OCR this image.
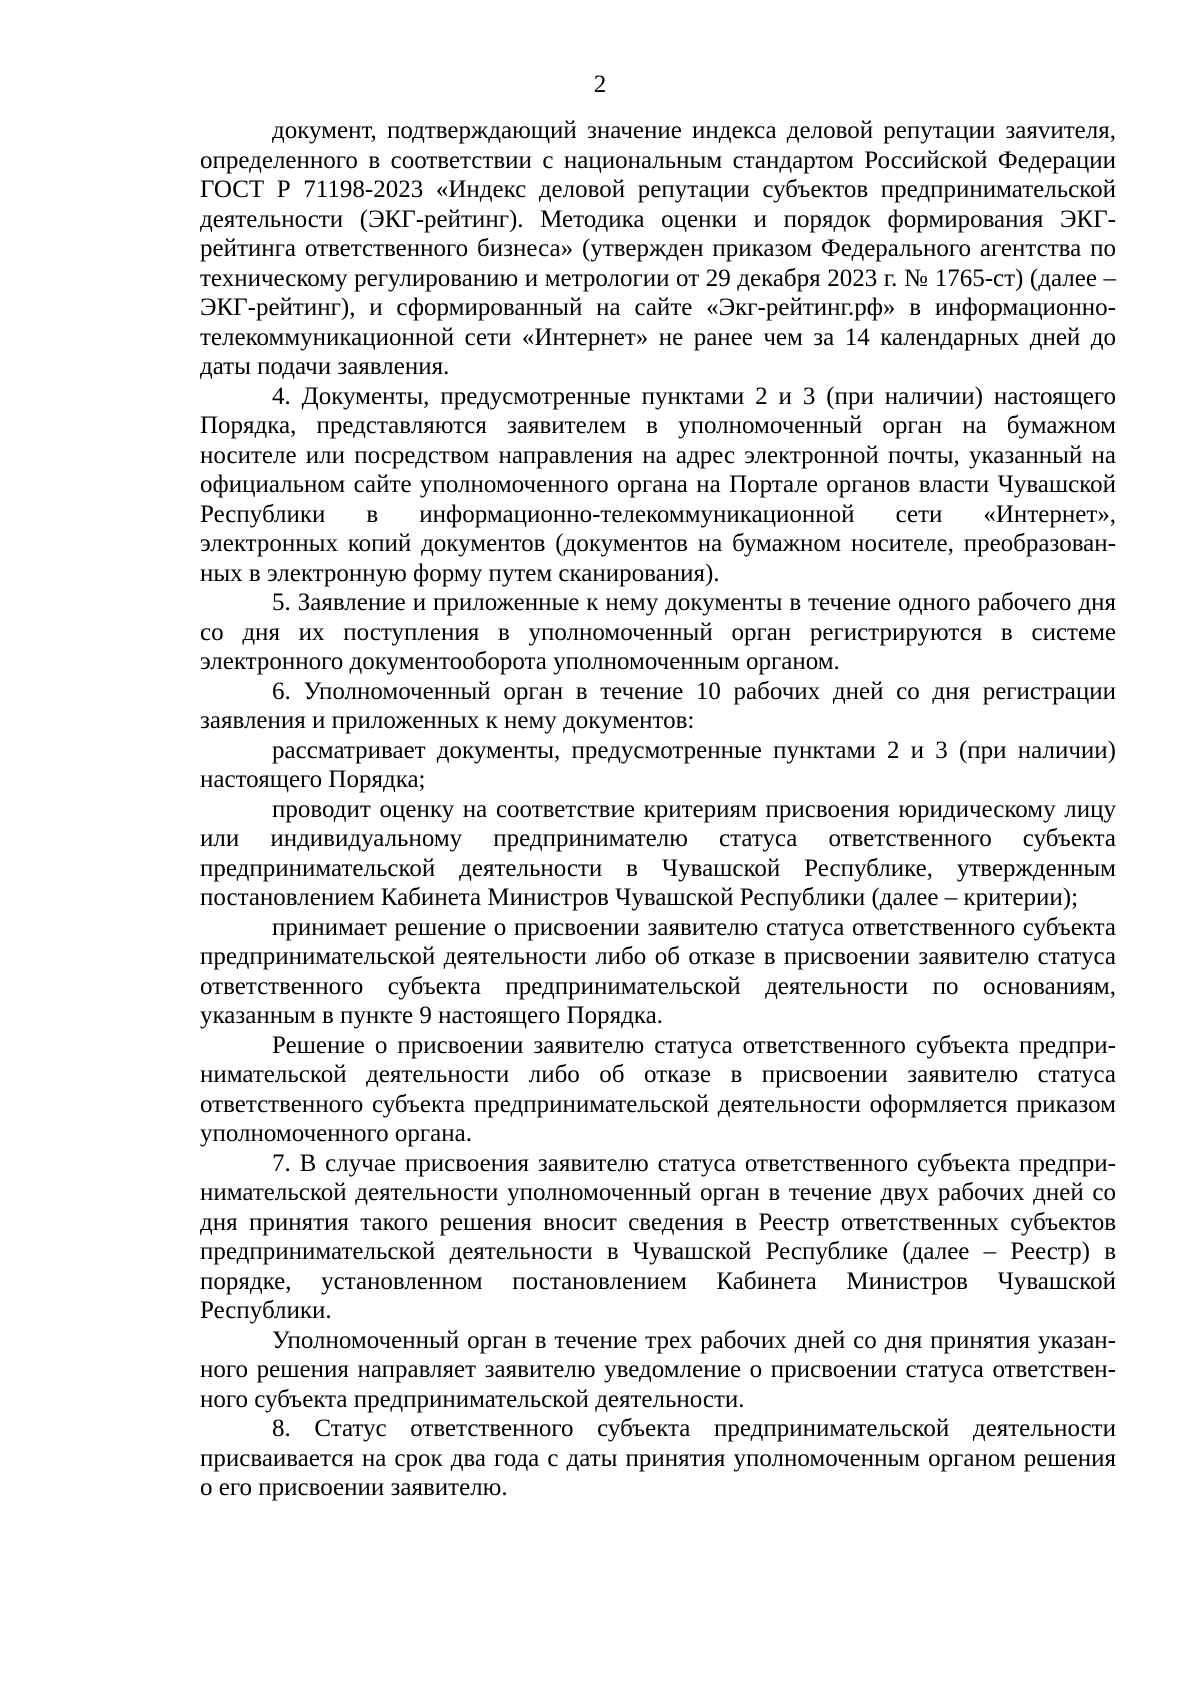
2

документ, подтверждающий значение индекса деловой репутации заяvителя, определенного в соответствии с национальным стандартом Российской Федерации ГОСТ Р 71198-2023 «Индекс деловой репутации субъектов предпринимательской деятельности (ЭКГ-рейтинг). Методика оценки и порядок формирования ЭКГ-рейтинга ответственного бизнеса» (утвержден приказом Федерального агентства по техническому регулированию и метрологии от 29 декабря 2023 г. № 1765-ст) (далее – ЭКГ-рейтинг), и сформированный на сайте «Экг-рейтинг.рф» в информационно-телекоммуникационной сети «Интернет» не ранее чем за 14 календарных дней до даты подачи заявления.

4. Документы, предусмотренные пунктами 2 и 3 (при наличии) настоящего Порядка, представляются заявителем в уполномоченный орган на бумажном носителе или посредством направления на адрес электронной почты, указанный на официальном сайте уполномоченного органа на Портале органов власти Чувашской Республики в информационно-телекоммуникационной сети «Интернет», электронных копий документов (документов на бумажном носителе, преобразованных в электронную форму путем сканирования).

5. Заявление и приложенные к нему документы в течение одного рабочего дня со дня их поступления в уполномоченный орган регистрируются в системе электронного документооборота уполномоченным органом.

6. Уполномоченный орган в течение 10 рабочих дней со дня регистрации заявления и приложенных к нему документов:

рассматривает документы, предусмотренные пунктами 2 и 3 (при наличии) настоящего Порядка;

проводит оценку на соответствие критериям присвоения юридическому лицу или индивидуальному предпринимателю статуса ответственного субъекта предпринимательской деятельности в Чувашской Республике, утвержденным постановлением Кабинета Министров Чувашской Республики (далее – критерии);

принимает решение о присвоении заявителю статуса ответственного субъекта предпринимательской деятельности либо об отказе в присвоении заявителю статуса ответственного субъекта предпринимательской деятельности по основаниям, указанным в пункте 9 настоящего Порядка.

Решение о присвоении заявителю статуса ответственного субъекта предпринимательской деятельности либо об отказе в присвоении заявителю статуса ответственного субъекта предпринимательской деятельности оформляется приказом уполномоченного органа.

7. В случае присвоения заявителю статуса ответственного субъекта предпринимательской деятельности уполномоченный орган в течение двух рабочих дней со дня принятия такого решения вносит сведения в Реестр ответственных субъектов предпринимательской деятельности в Чувашской Республике (далее – Реестр) в порядке, установленном постановлением Кабинета Министров Чувашской Республики.

Уполномоченный орган в течение трех рабочих дней со дня принятия указанного решения направляет заявителю уведомление о присвоении статуса ответственного субъекта предпринимательской деятельности.

8. Статус ответственного субъекта предпринимательской деятельности присваивается на срок два года с даты принятия уполномоченным органом решения о его присвоении заявителю.
